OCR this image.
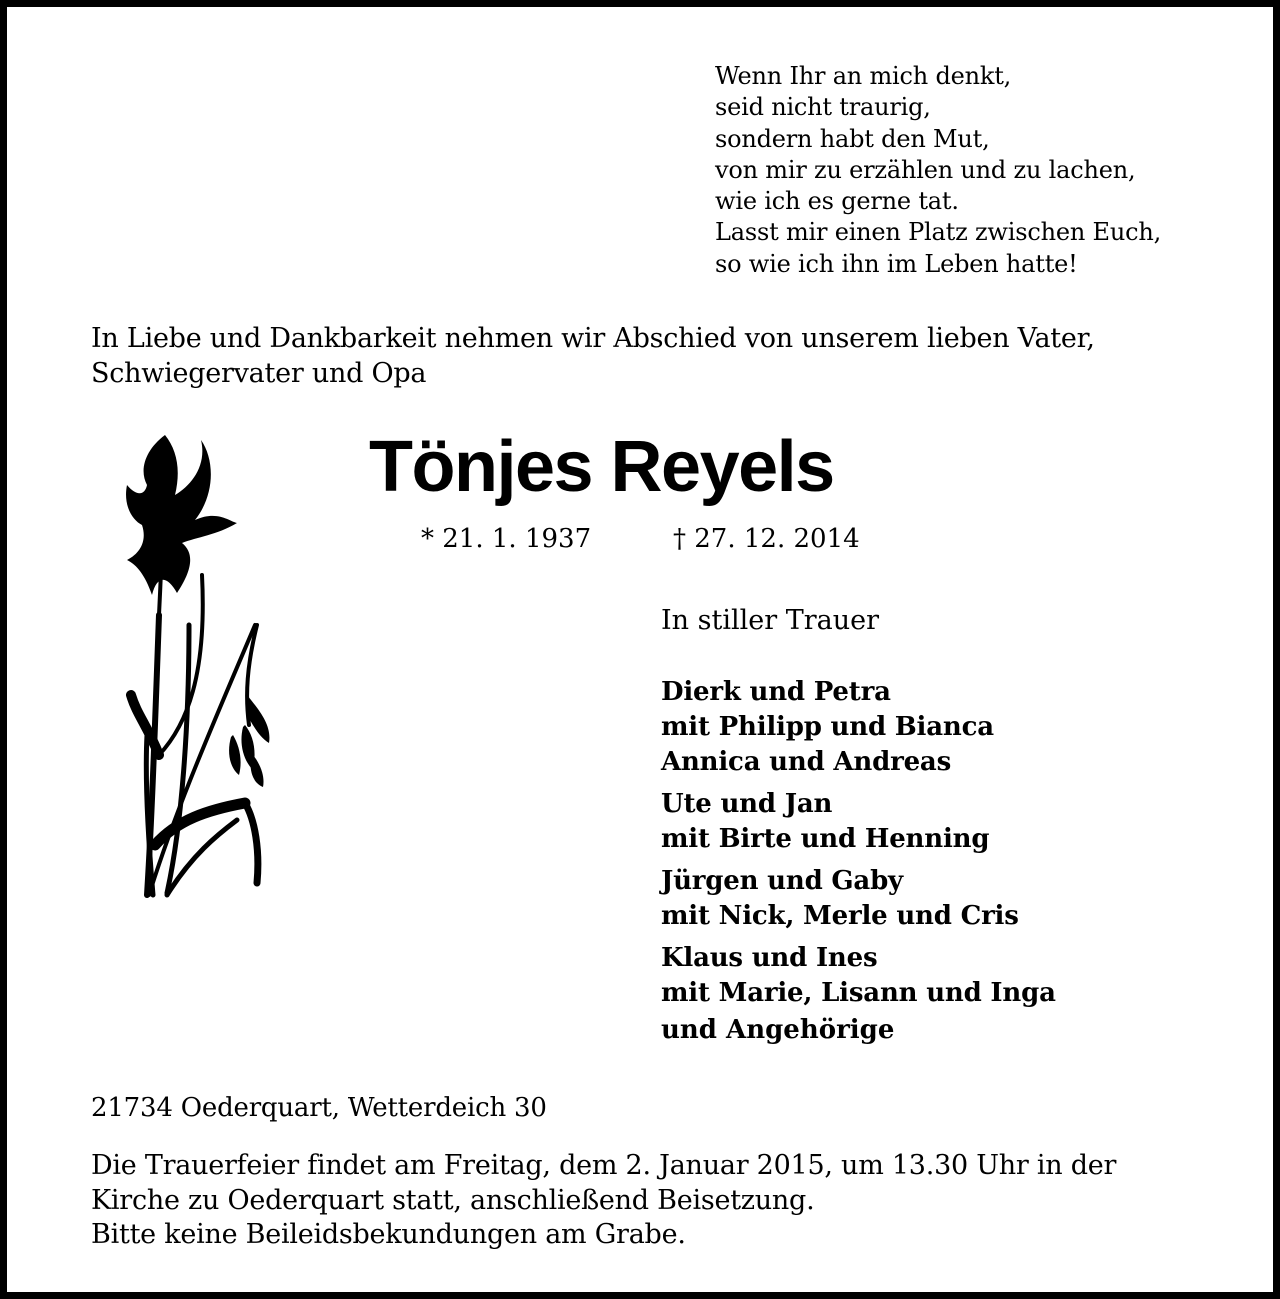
Wenn Ihr an mich denkt,
seid nicht traurig,
sondern habt den Mut,
von mir zu erzählen und zu lachen,
wie ich es gerne tat.
Lasst mir einen Platz zwischen Euch,
so wie ich ihn im Leben hatte!

In Liebe und Dankbarkeit nehmen wir Abschied von unserem lieben Vater,
Schwiegervater und Opa

Tönjes Reyels
* 21. 1. 1937	† 27. 12. 2014
In stiller Trauer
Dierk und Petra
mit Philipp und Bianca
Annica und Andreas
Ute und Jan
mit Birte und Henning
Jürgen und Gaby
mit Nick, Merle und Cris
Klaus und Ines
mit Marie, Lisann und Inga
und Angehörige
21734 Oederquart, Wetterdeich 30
Die Trauerfeier findet am Freitag, dem 2. Januar 2015, um 13.30 Uhr in der
Kirche zu Oederquart statt, anschließend Beisetzung.
Bitte keine Beileidsbekundungen am Grabe.
